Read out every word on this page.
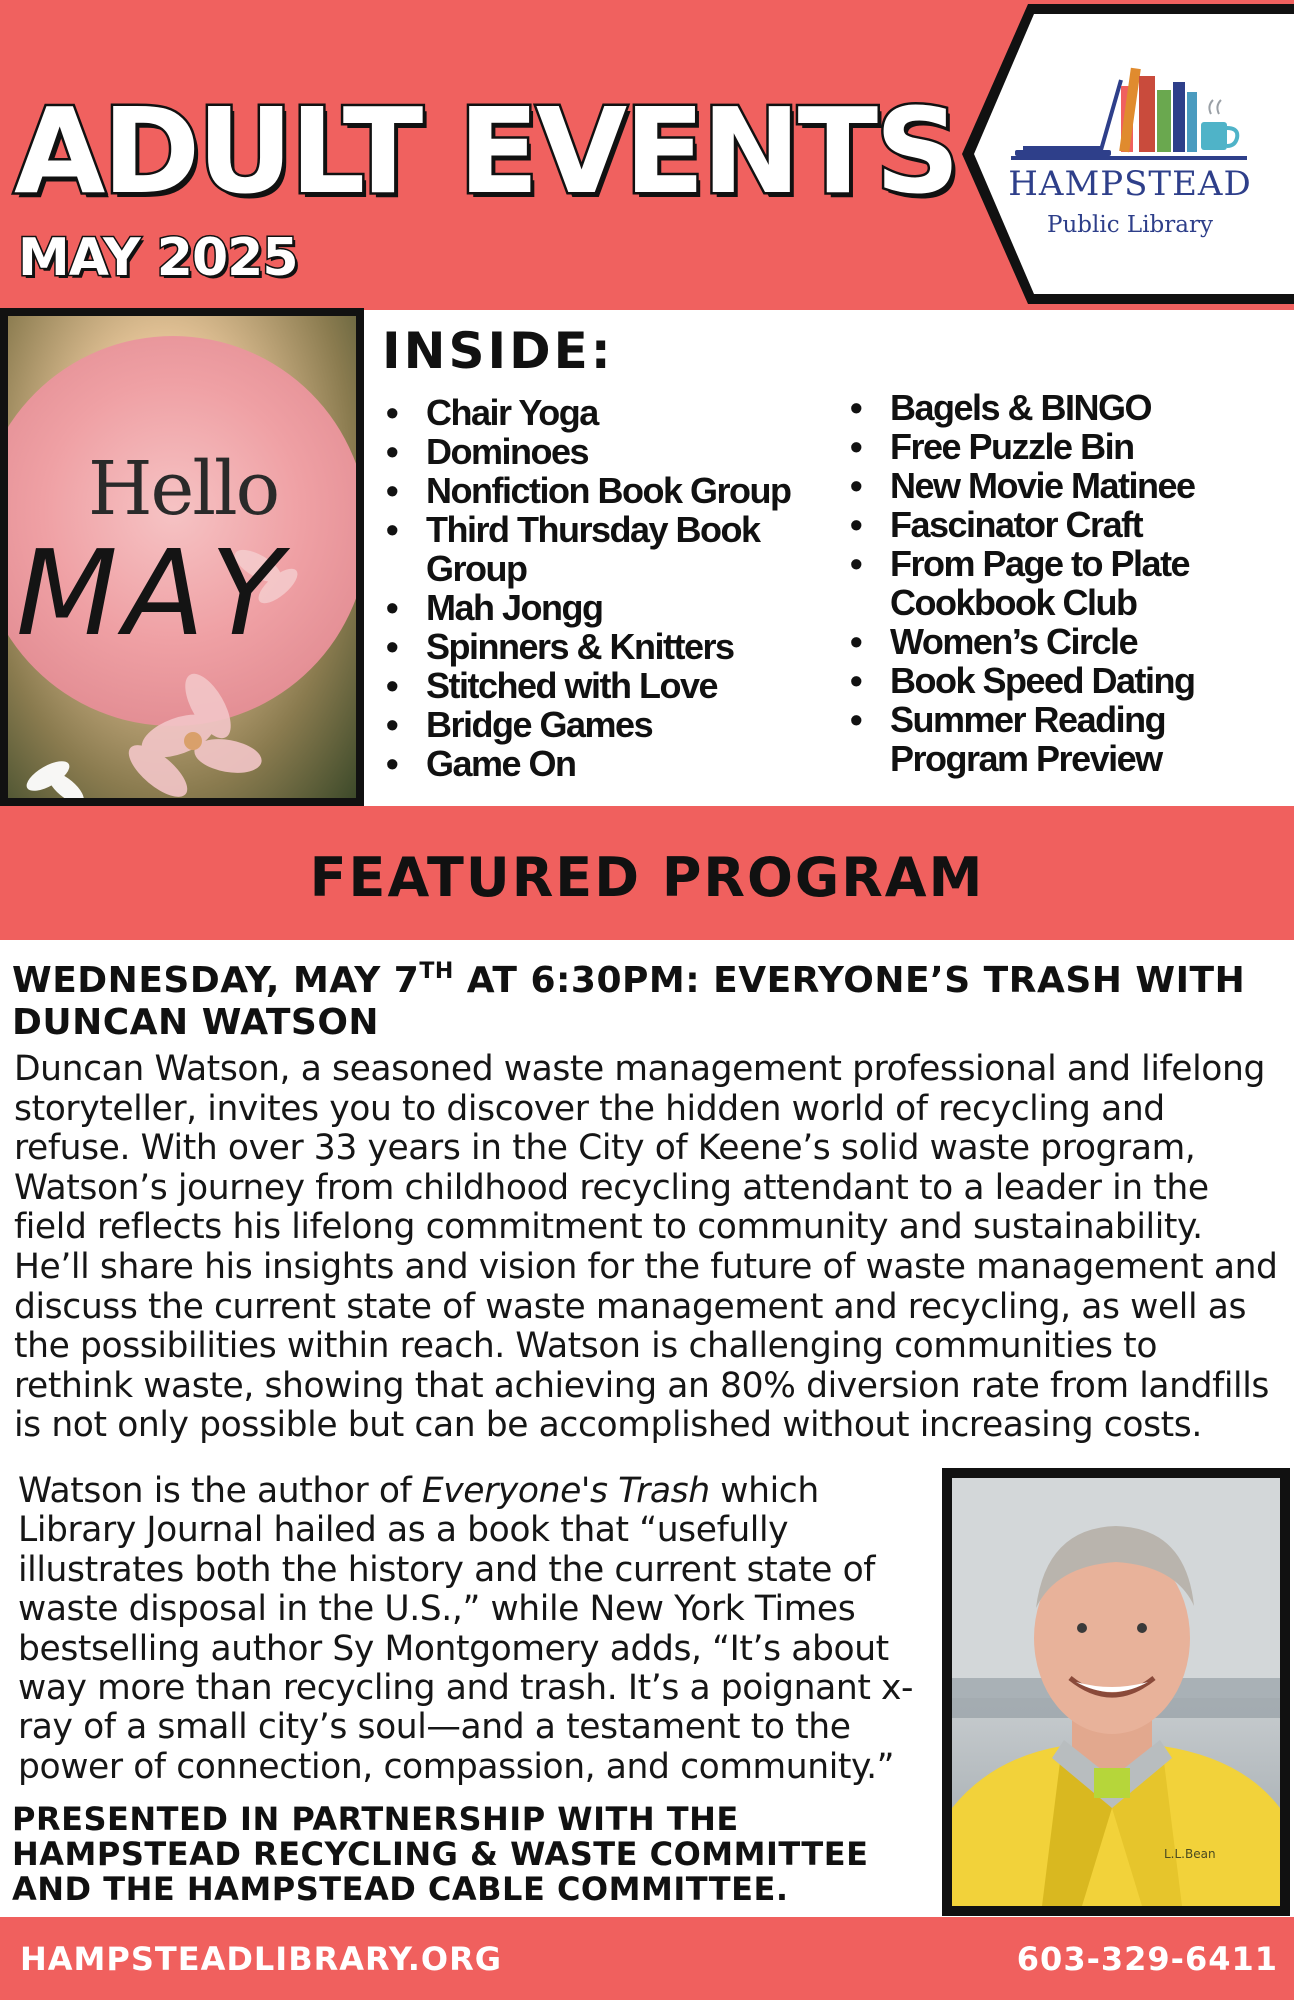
ADULT EVENTS
MAY 2025
HAMPSTEAD
Public Library
Hello
MAY
INSIDE:
• Chair Yoga
• Dominoes
• Nonfiction Book Group
• Third Thursday Book Group
• Mah Jongg
• Spinners & Knitters
• Stitched with Love
• Bridge Games
• Game On
• Bagels & BINGO
• Free Puzzle Bin
• New Movie Matinee
• Fascinator Craft
• From Page to Plate Cookbook Club
• Women’s Circle
• Book Speed Dating
• Summer Reading Program Preview
FEATURED PROGRAM
WEDNESDAY, MAY 7TH AT 6:30PM: EVERYONE’S TRASH WITH DUNCAN WATSON

Duncan Watson, a seasoned waste management professional and lifelong storyteller, invites you to discover the hidden world of recycling and refuse. With over 33 years in the City of Keene’s solid waste program, Watson’s journey from childhood recycling attendant to a leader in the field reflects his lifelong commitment to community and sustainability. He’ll share his insights and vision for the future of waste management and discuss the current state of waste management and recycling, as well as the possibilities within reach. Watson is challenging communities to rethink waste, showing that achieving an 80% diversion rate from landfills is not only possible but can be accomplished without increasing costs.

Watson is the author of Everyone's Trash which Library Journal hailed as a book that “usefully illustrates both the history and the current state of waste disposal in the U.S.,” while New York Times bestselling author Sy Montgomery adds, “It’s about way more than recycling and trash. It’s a poignant x-ray of a small city’s soul—and a testament to the power of connection, compassion, and community.”

PRESENTED IN PARTNERSHIP WITH THE HAMPSTEAD RECYCLING & WASTE COMMITTEE AND THE HAMPSTEAD CABLE COMMITTEE.
L.L.Bean
HAMPSTEADLIBRARY.ORG	603-329-6411
